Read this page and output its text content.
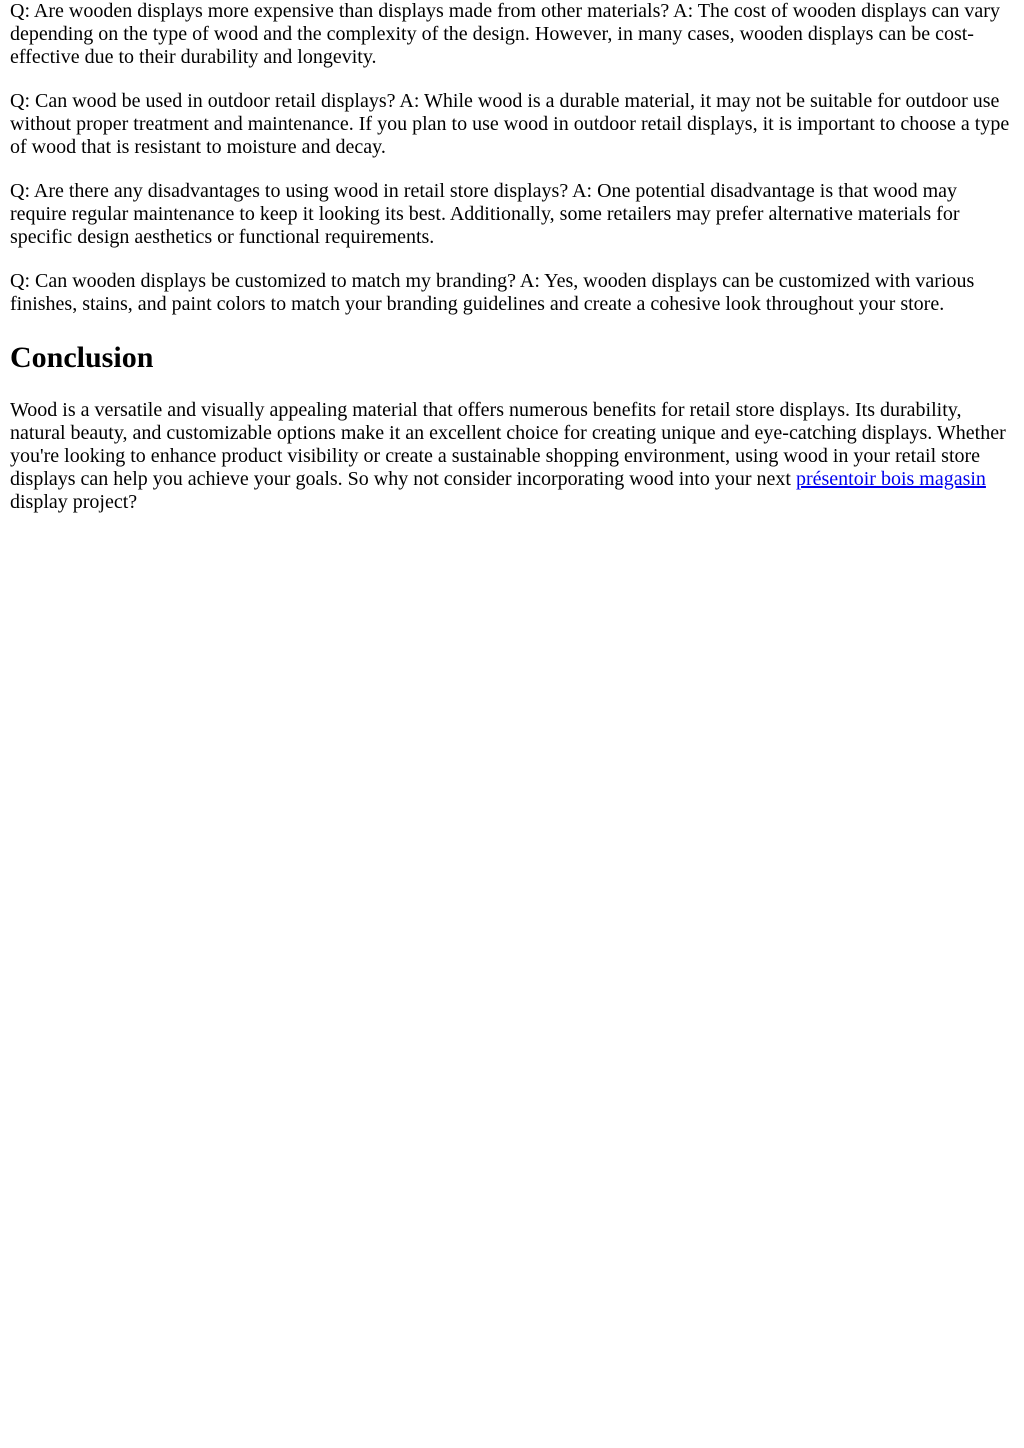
Q: Are wooden displays more expensive than displays made from other materials? A: The cost of wooden displays can vary depending on the type of wood and the complexity of the design. However, in many cases, wooden displays can be cost-effective due to their durability and longevity.

Q: Can wood be used in outdoor retail displays? A: While wood is a durable material, it may not be suitable for outdoor use without proper treatment and maintenance. If you plan to use wood in outdoor retail displays, it is important to choose a type of wood that is resistant to moisture and decay.

Q: Are there any disadvantages to using wood in retail store displays? A: One potential disadvantage is that wood may require regular maintenance to keep it looking its best. Additionally, some retailers may prefer alternative materials for specific design aesthetics or functional requirements.

Q: Can wooden displays be customized to match my branding? A: Yes, wooden displays can be customized with various finishes, stains, and paint colors to match your branding guidelines and create a cohesive look throughout your store.

Conclusion

Wood is a versatile and visually appealing material that offers numerous benefits for retail store displays. Its durability, natural beauty, and customizable options make it an excellent choice for creating unique and eye-catching displays. Whether you're looking to enhance product visibility or create a sustainable shopping environment, using wood in your retail store displays can help you achieve your goals. So why not consider incorporating wood into your next présentoir bois magasin display project?
